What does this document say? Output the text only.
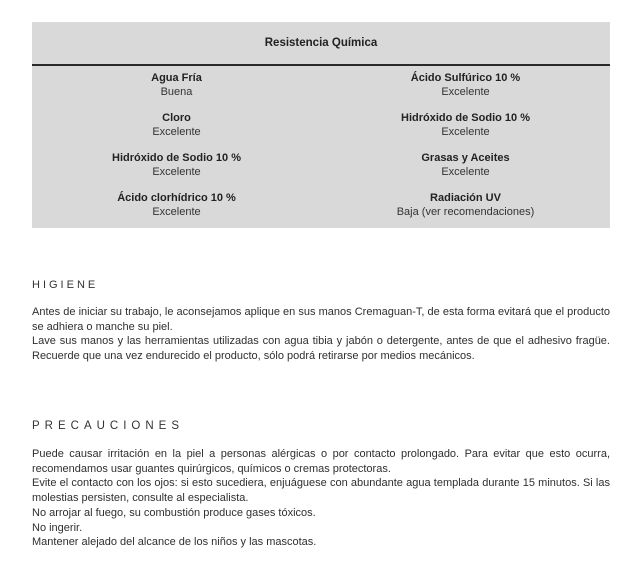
Resistencia Química
Agua Fría
Buena
Ácido Sulfúrico 10 %
Excelente
Cloro
Excelente
Hidróxido de Sodio 10 %
Excelente
Hidróxido de Sodio 10 %
Excelente
Grasas y Aceites
Excelente
Ácido clorhídrico 10 %
Excelente
Radiación UV
Baja (ver recomendaciones)
HIGIENE

Antes de iniciar su trabajo, le aconsejamos aplique en sus manos Cremaguan-T, de esta forma evitará que el producto se adhiera o manche su piel.

Lave sus manos y las herramientas utilizadas con agua tibia y jabón o detergente, antes de que el adhesivo fragüe. Recuerde que una vez endurecido el producto, sólo podrá retirarse por medios mecánicos.

PRECAUCIONES

Puede causar irritación en la piel a personas alérgicas o por contacto prolongado. Para evitar que esto ocurra, recomendamos usar guantes quirúrgicos, químicos o cremas protectoras.

Evite el contacto con los ojos: si esto sucediera, enjuáguese con abundante agua templada durante 15 minutos. Si las molestias persisten, consulte al especialista.

No arrojar al fuego, su combustión produce gases tóxicos.

No ingerir.

Mantener alejado del alcance de los niños y las mascotas.
